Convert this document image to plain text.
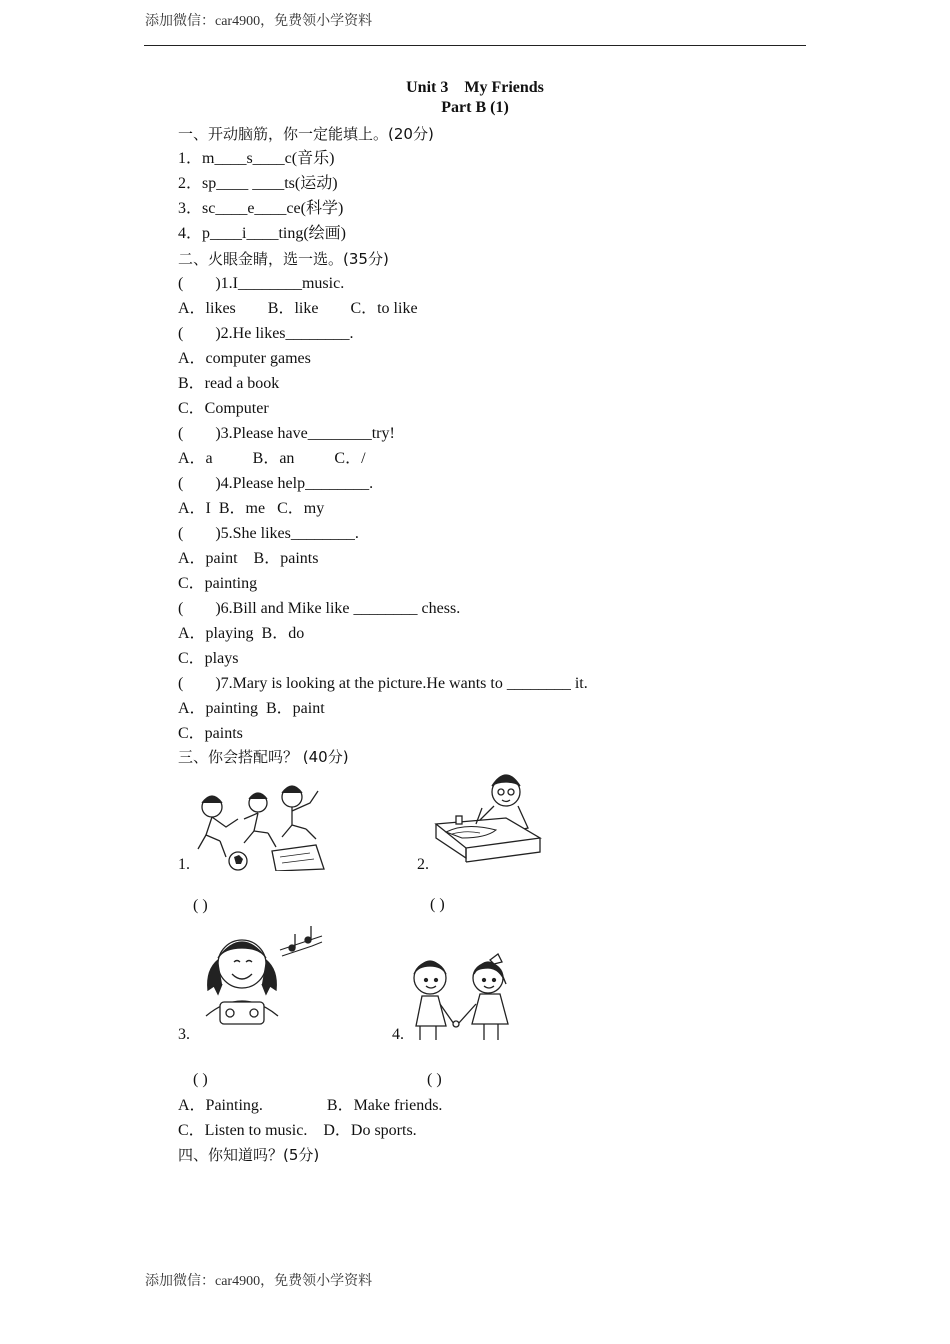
添加微信：car4900，免费领小学资料
Unit 3　My Friends
Part B (1)
一、开动脑筋，你一定能填上。(20分)
1．m____s____c(音乐)
2．sp____ ____ts(运动)
3．sc____e____ce(科学)
4．p____i____ting(绘画)
二、火眼金睛，选一选。(35分)
(        )1.I________music.
A．likes        B．like        C．to like
(        )2.He likes________.
A．computer games
B．read a book
C．Computer
(        )3.Please have________try!
A．a          B．an          C．/
(        )4.Please help________.
A．I  B．me   C．my
(        )5.She likes________.
A．paint    B．paints
C．painting
(        )6.Bill and Mike like ________ chess.
A．playing  B．do
C．plays
(        )7.Mary is looking at the picture.He wants to ________ it.
A．painting  B．paint
C．paints
三、你会搭配吗？ (40分)
1.
( )
2.
( )
3.
( )
4.
( )
A．Painting.                B．Make friends.
C．Listen to music.    D．Do sports.
四、你知道吗？(5分)
添加微信：car4900，免费领小学资料
